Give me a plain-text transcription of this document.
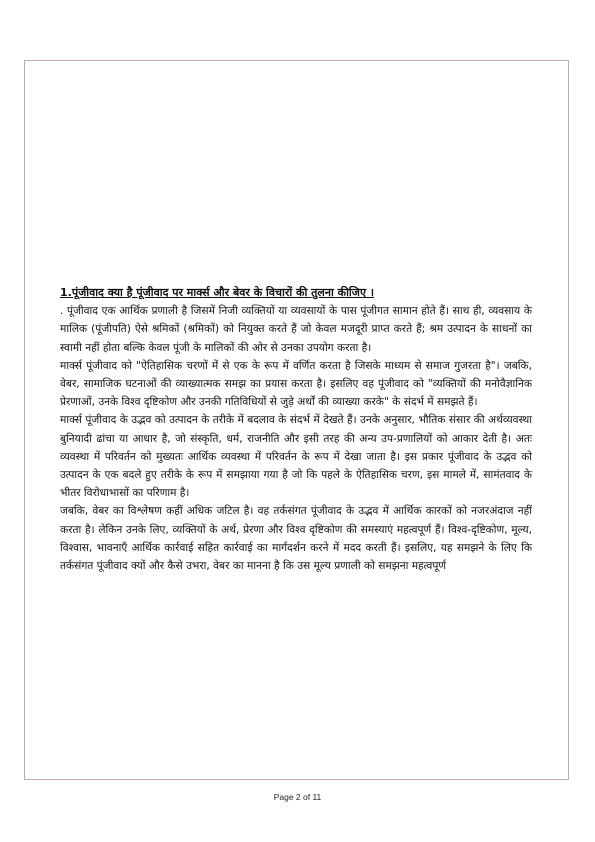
1.पूंजीवाद क्या है पूंजीवाद पर मार्क्स और बेवर के विचारों की तुलना कीजिए ।

. पूंजीवाद एक आर्थिक प्रणाली है जिसमें निजी व्यक्तियों या व्यवसायों के पास पूंजीगत सामान होते हैं। साथ ही, व्यवसाय के मालिक (पूंजीपति) ऐसे श्रमिकों (श्रमिकों) को नियुक्त करते हैं जो केवल मजदूरी प्राप्त करते हैं; श्रम उत्पादन के साधनों का स्वामी नहीं होता बल्कि केवल पूंजी के मालिकों की ओर से उनका उपयोग करता है।

मार्क्स पूंजीवाद को "ऐतिहासिक चरणों में से एक के रूप में वर्णित करता है जिसके माध्यम से समाज गुजरता है"। जबकि, वेबर, सामाजिक घटनाओं की व्याख्यात्मक समझ का प्रयास करता है। इसलिए वह पूंजीवाद को "व्यक्तियों की मनोवैज्ञानिक प्रेरणाओं, उनके विश्व दृष्टिकोण और उनकी गतिविधियों से जुड़े अर्थों की व्याख्या करके" के संदर्भ में समझते हैं।

मार्क्स पूंजीवाद के उद्भव को उत्पादन के तरीके में बदलाव के संदर्भ में देखते हैं। उनके अनुसार, भौतिक संसार की अर्थव्यवस्था बुनियादी ढांचा या आधार है, जो संस्कृति, धर्म, राजनीति और इसी तरह की अन्य उप-प्रणालियों को आकार देती है। अतः व्यवस्था में परिवर्तन को मुख्यतः आर्थिक व्यवस्था में परिवर्तन के रूप में देखा जाता है। इस प्रकार पूंजीवाद के उद्भव को उत्पादन के एक बदले हुए तरीके के रूप में समझाया गया है जो कि पहले के ऐतिहासिक चरण, इस मामले में, सामंतवाद के भीतर विरोधाभासों का परिणाम है।

जबकि, वेबर का विश्लेषण कहीं अधिक जटिल है। वह तर्कसंगत पूंजीवाद के उद्भव में आर्थिक कारकों को नजरअंदाज नहीं करता है। लेकिन उनके लिए, व्यक्तियों के अर्थ, प्रेरणा और विश्व दृष्टिकोण की समस्याएं महत्वपूर्ण हैं। विश्व-दृष्टिकोण, मूल्य, विश्वास, भावनाएँ आर्थिक कार्रवाई सहित कार्रवाई का मार्गदर्शन करने में मदद करती हैं। इसलिए, यह समझने के लिए कि तर्कसंगत पूंजीवाद क्यों और कैसे उभरा, वेबर का मानना है कि उस मूल्य प्रणाली को समझना महत्वपूर्ण

Page 2 of 11
